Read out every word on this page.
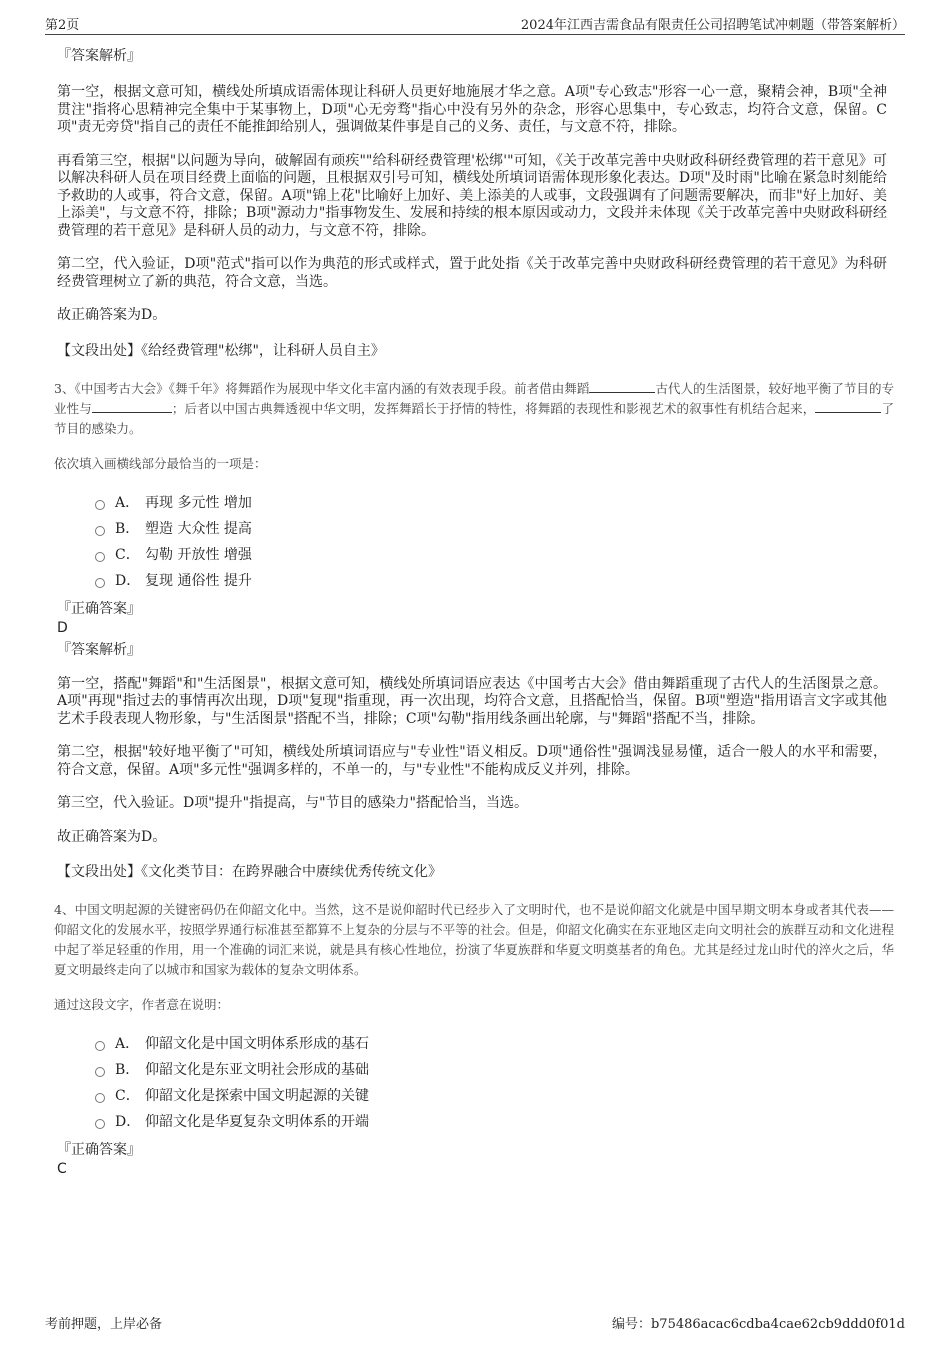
第2页	2024年江西吉需食品有限责任公司招聘笔试冲刺题（带答案解析）
『答案解析』

第一空，根据文意可知，横线处所填成语需体现让科研人员更好地施展才华之意。A项"专心致志"形容一心一意，聚精会神，B项"全神贯注"指将心思精神完全集中于某事物上，D项"心无旁骛"指心中没有另外的杂念，形容心思集中，专心致志，均符合文意，保留。C项"责无旁贷"指自己的责任不能推卸给别人，强调做某件事是自己的义务、责任，与文意不符，排除。

再看第三空，根据"以问题为导向，破解固有顽疾""给科研经费管理'松绑'"可知，《关于改革完善中央财政科研经费管理的若干意见》可以解决科研人员在项目经费上面临的问题，且根据双引号可知，横线处所填词语需体现形象化表达。D项"及时雨"比喻在紧急时刻能给予救助的人或事，符合文意，保留。A项"锦上花"比喻好上加好、美上添美的人或事，文段强调有了问题需要解决，而非"好上加好、美上添美"，与文意不符，排除；B项"源动力"指事物发生、发展和持续的根本原因或动力，文段并未体现《关于改革完善中央财政科研经费管理的若干意见》是科研人员的动力，与文意不符，排除。

第二空，代入验证，D项"范式"指可以作为典范的形式或样式，置于此处指《关于改革完善中央财政科研经费管理的若干意见》为科研经费管理树立了新的典范，符合文意，当选。

故正确答案为D。

【文段出处】《给经费管理"松绑"，让科研人员自主》
3、《中国考古大会》《舞千年》将舞蹈作为展现中华文化丰富内涵的有效表现手段。前者借由舞蹈	古代人的生活图景，较好地平衡了节目的专业性与	；后者以中国古典舞透视中华文明，发挥舞蹈长于抒情的特性，将舞蹈的表现性和影视艺术的叙事性有机结合起来，	了节目的感染力。
依次填入画横线部分最恰当的一项是：
A． 再现 多元性 增加
B． 塑造 大众性 提高
C． 勾勒 开放性 增强
D． 复现 通俗性 提升
『正确答案』
D
『答案解析』

第一空，搭配"舞蹈"和"生活图景"，根据文意可知，横线处所填词语应表达《中国考古大会》借由舞蹈重现了古代人的生活图景之意。A项"再现"指过去的事情再次出现，D项"复现"指重现，再一次出现，均符合文意，且搭配恰当，保留。B项"塑造"指用语言文字或其他艺术手段表现人物形象，与"生活图景"搭配不当，排除；C项"勾勒"指用线条画出轮廓，与"舞蹈"搭配不当，排除。

第二空，根据"较好地平衡了"可知，横线处所填词语应与"专业性"语义相反。D项"通俗性"强调浅显易懂，适合一般人的水平和需要，符合文意，保留。A项"多元性"强调多样的，不单一的，与"专业性"不能构成反义并列，排除。

第三空，代入验证。D项"提升"指提高，与"节目的感染力"搭配恰当，当选。

故正确答案为D。

【文段出处】《文化类节目：在跨界融合中赓续优秀传统文化》
4、中国文明起源的关键密码仍在仰韶文化中。当然，这不是说仰韶时代已经步入了文明时代，也不是说仰韶文化就是中国早期文明本身或者其代表——仰韶文化的发展水平，按照学界通行标准甚至都算不上复杂的分层与不平等的社会。但是，仰韶文化确实在东亚地区走向文明社会的族群互动和文化进程中起了举足轻重的作用，用一个准确的词汇来说，就是具有核心性地位，扮演了华夏族群和华夏文明奠基者的角色。尤其是经过龙山时代的淬火之后，华夏文明最终走向了以城市和国家为载体的复杂文明体系。
通过这段文字，作者意在说明：
A． 仰韶文化是中国文明体系形成的基石
B． 仰韶文化是东亚文明社会形成的基础
C． 仰韶文化是探索中国文明起源的关键
D． 仰韶文化是华夏复杂文明体系的开端
『正确答案』
C
考前押题，上岸必备	编号：b75486acac6cdba4cae62cb9ddd0f01d
